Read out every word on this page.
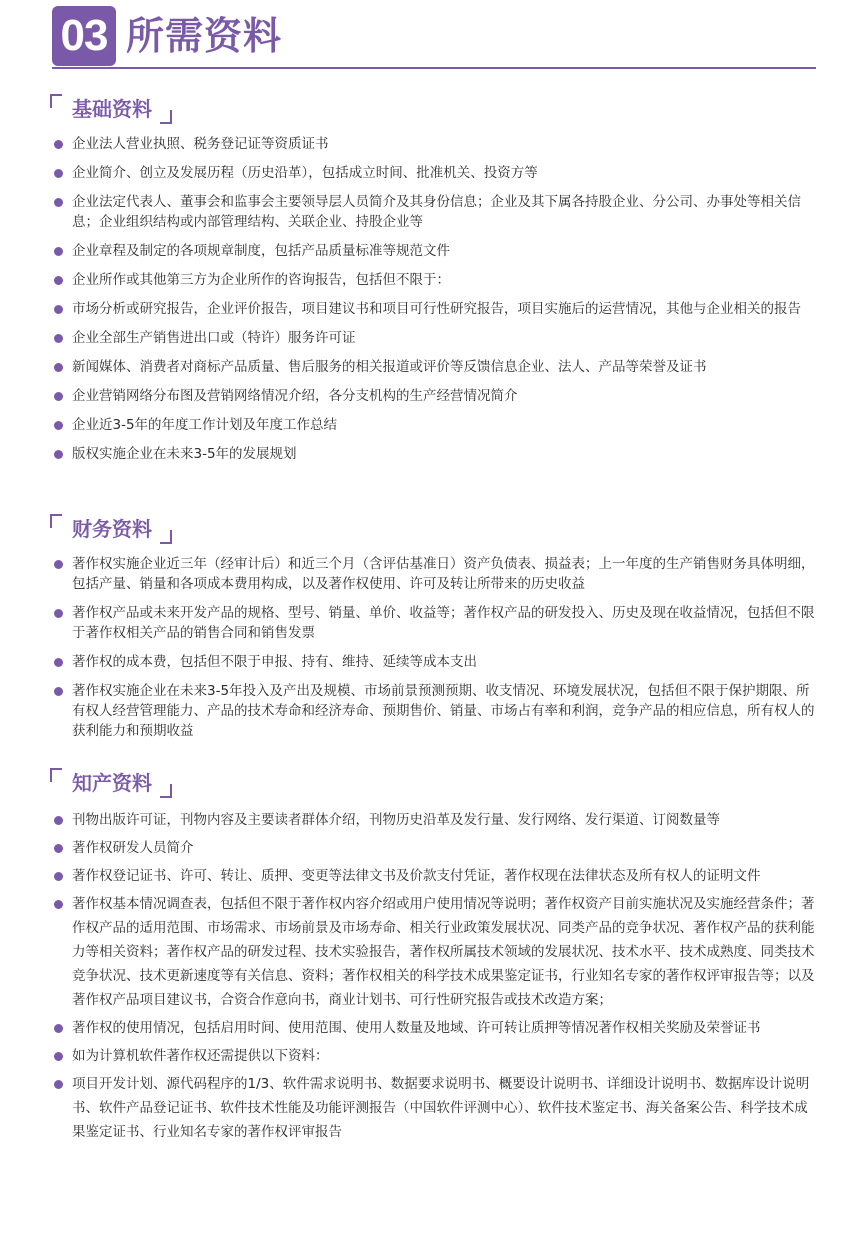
03 所需资料
基础资料
企业法人营业执照、税务登记证等资质证书
企业简介、创立及发展历程（历史沿革），包括成立时间、批准机关、投资方等
企业法定代表人、董事会和监事会主要领导层人员简介及其身份信息；企业及其下属各持股企业、分公司、办事处等相关信息；企业组织结构或内部管理结构、关联企业、持股企业等
企业章程及制定的各项规章制度，包括产品质量标准等规范文件
企业所作或其他第三方为企业所作的咨询报告，包括但不限于：
市场分析或研究报告，企业评价报告，项目建议书和项目可行性研究报告，项目实施后的运营情况，其他与企业相关的报告
企业全部生产销售进出口或（特许）服务许可证
新闻媒体、消费者对商标产品质量、售后服务的相关报道或评价等反馈信息企业、法人、产品等荣誉及证书
企业营销网络分布图及营销网络情况介绍，各分支机构的生产经营情况简介
企业近3-5年的年度工作计划及年度工作总结
版权实施企业在未来3-5年的发展规划
财务资料
著作权实施企业近三年（经审计后）和近三个月（含评估基准日）资产负债表、损益表；上一年度的生产销售财务具体明细，包括产量、销量和各项成本费用构成，以及著作权使用、许可及转让所带来的历史收益
著作权产品或未来开发产品的规格、型号、销量、单价、收益等；著作权产品的研发投入、历史及现在收益情况，包括但不限于著作权相关产品的销售合同和销售发票
著作权的成本费，包括但不限于申报、持有、维持、延续等成本支出
著作权实施企业在未来3-5年投入及产出及规模、市场前景预测预期、收支情况、环境发展状况，包括但不限于保护期限、所有权人经营管理能力、产品的技术寿命和经济寿命、预期售价、销量、市场占有率和利润，竞争产品的相应信息，所有权人的获利能力和预期收益
知产资料
刊物出版许可证，刊物内容及主要读者群体介绍，刊物历史沿革及发行量、发行网络、发行渠道、订阅数量等
著作权研发人员简介
著作权登记证书、许可、转让、质押、变更等法律文书及价款支付凭证，著作权现在法律状态及所有权人的证明文件
著作权基本情况调查表，包括但不限于著作权内容介绍或用户使用情况等说明；著作权资产目前实施状况及实施经营条件；著作权产品的适用范围、市场需求、市场前景及市场寿命、相关行业政策发展状况、同类产品的竞争状况、著作权产品的获利能力等相关资料；著作权产品的研发过程、技术实验报告，著作权所属技术领域的发展状况、技术水平、技术成熟度、同类技术竞争状况、技术更新速度等有关信息、资料；著作权相关的科学技术成果鉴定证书，行业知名专家的著作权评审报告等；以及著作权产品项目建议书，合资合作意向书，商业计划书、可行性研究报告或技术改造方案；
著作权的使用情况，包括启用时间、使用范围、使用人数量及地域、许可转让质押等情况著作权相关奖励及荣誉证书
如为计算机软件著作权还需提供以下资料：
项目开发计划、源代码程序的1/3、软件需求说明书、数据要求说明书、概要设计说明书、详细设计说明书、数据库设计说明书、软件产品登记证书、软件技术性能及功能评测报告（中国软件评测中心）、软件技术鉴定书、海关备案公告、科学技术成果鉴定证书、行业知名专家的著作权评审报告
